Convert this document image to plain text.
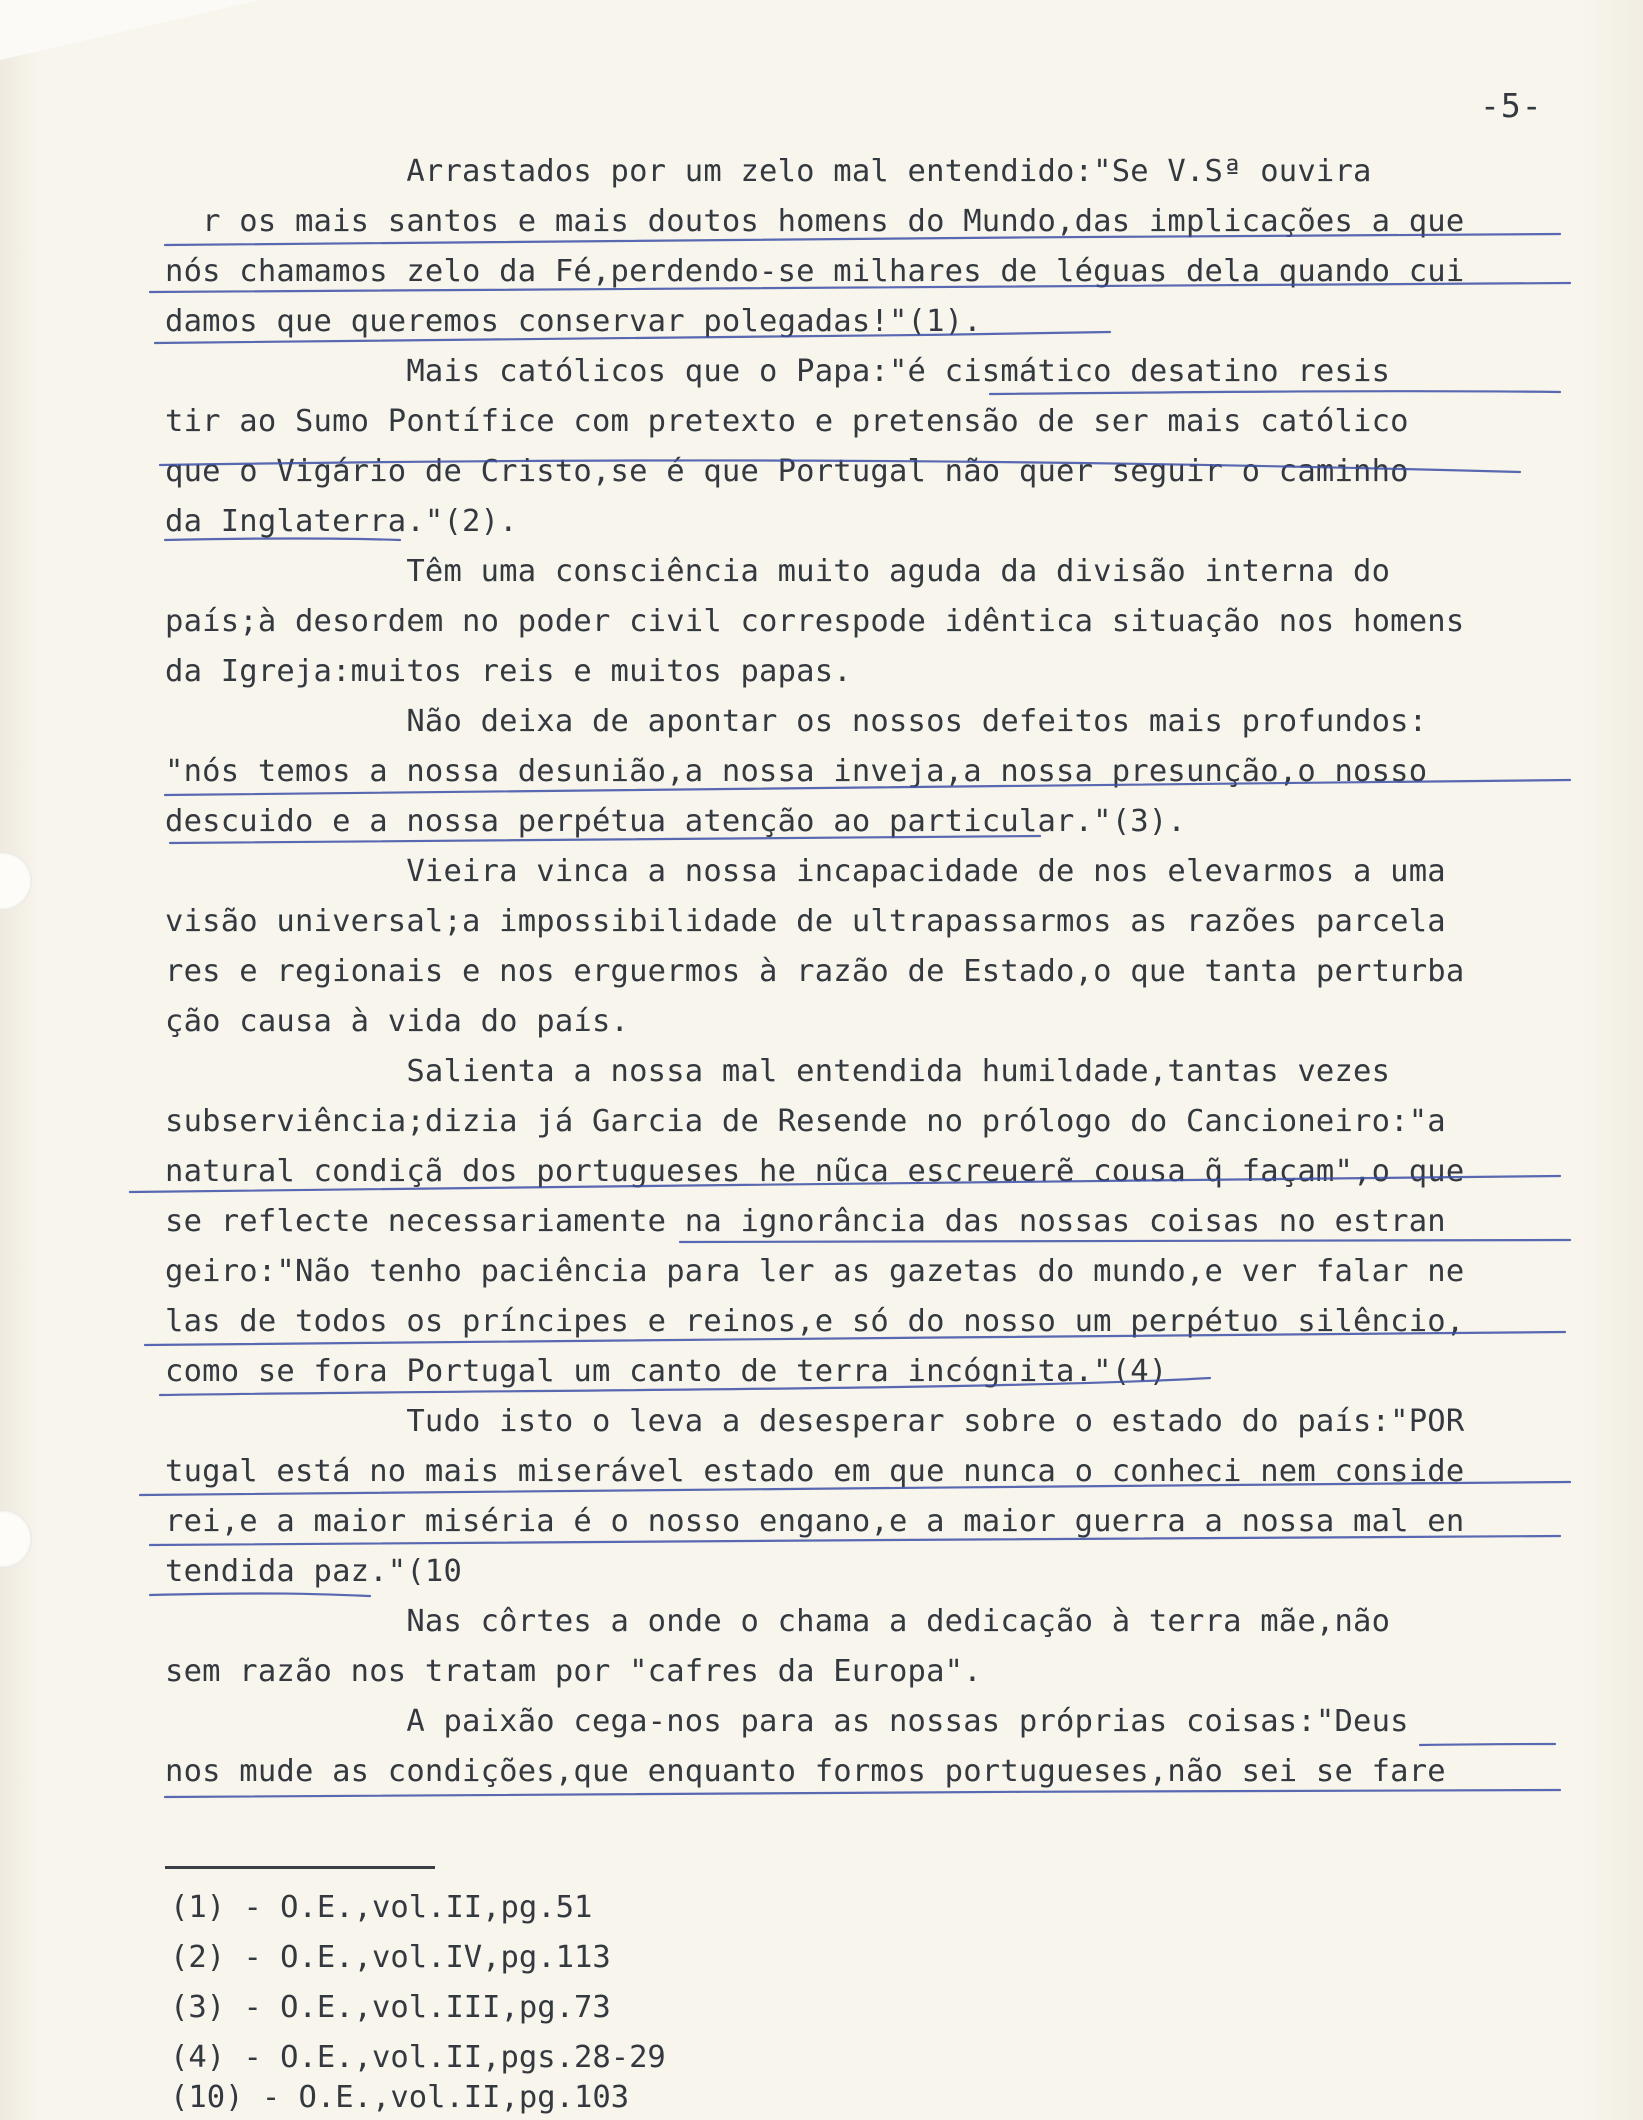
-5-

Arrastados por um zelo mal entendido:"Se V.Sª ouvira

r os mais santos e mais doutos homens do Mundo,das implicações a que

nós chamamos zelo da Fé,perdendo-se milhares de léguas dela quando cui

damos que queremos conservar polegadas!"(1).

Mais católicos que o Papa:"é cismático desatino resis

tir ao Sumo Pontífice com pretexto e pretensão de ser mais católico

que o Vigário de Cristo,se é que Portugal não quer seguir o caminho

da Inglaterra."(2).

Têm uma consciência muito aguda da divisão interna do

país;à desordem no poder civil correspode idêntica situação nos homens

da Igreja:muitos reis e muitos papas.

Não deixa de apontar os nossos defeitos mais profundos:

"nós temos a nossa desunião,a nossa inveja,a nossa presunção,o nosso

descuido e a nossa perpétua atenção ao particular."(3).

Vieira vinca a nossa incapacidade de nos elevarmos a uma

visão universal;a impossibilidade de ultrapassarmos as razões parcela

res e regionais e nos erguermos à razão de Estado,o que tanta perturba

ção causa à vida do país.

Salienta a nossa mal entendida humildade,tantas vezes

subserviência;dizia já Garcia de Resende no prólogo do Cancioneiro:"a

natural condiçã dos portugueses he nũca escreuerẽ cousa q̃ façam",o que

se reflecte necessariamente na ignorância das nossas coisas no estran

geiro:"Não tenho paciência para ler as gazetas do mundo,e ver falar ne

las de todos os príncipes e reinos,e só do nosso um perpétuo silêncio,

como se fora Portugal um canto de terra incógnita."(4)

Tudo isto o leva a desesperar sobre o estado do país:"POR

tugal está no mais miserável estado em que nunca o conheci nem conside

rei,e a maior miséria é o nosso engano,e a maior guerra a nossa mal en

tendida paz."(10

Nas côrtes a onde o chama a dedicação à terra mãe,não

sem razão nos tratam por "cafres da Europa".

A paixão cega-nos para as nossas próprias coisas:"Deus

nos mude as condições,que enquanto formos portugueses,não sei se fare

(1) - O.E.,vol.II,pg.51

(2) - O.E.,vol.IV,pg.113

(3) - O.E.,vol.III,pg.73

(4) - O.E.,vol.II,pgs.28-29

(10) - O.E.,vol.II,pg.103
